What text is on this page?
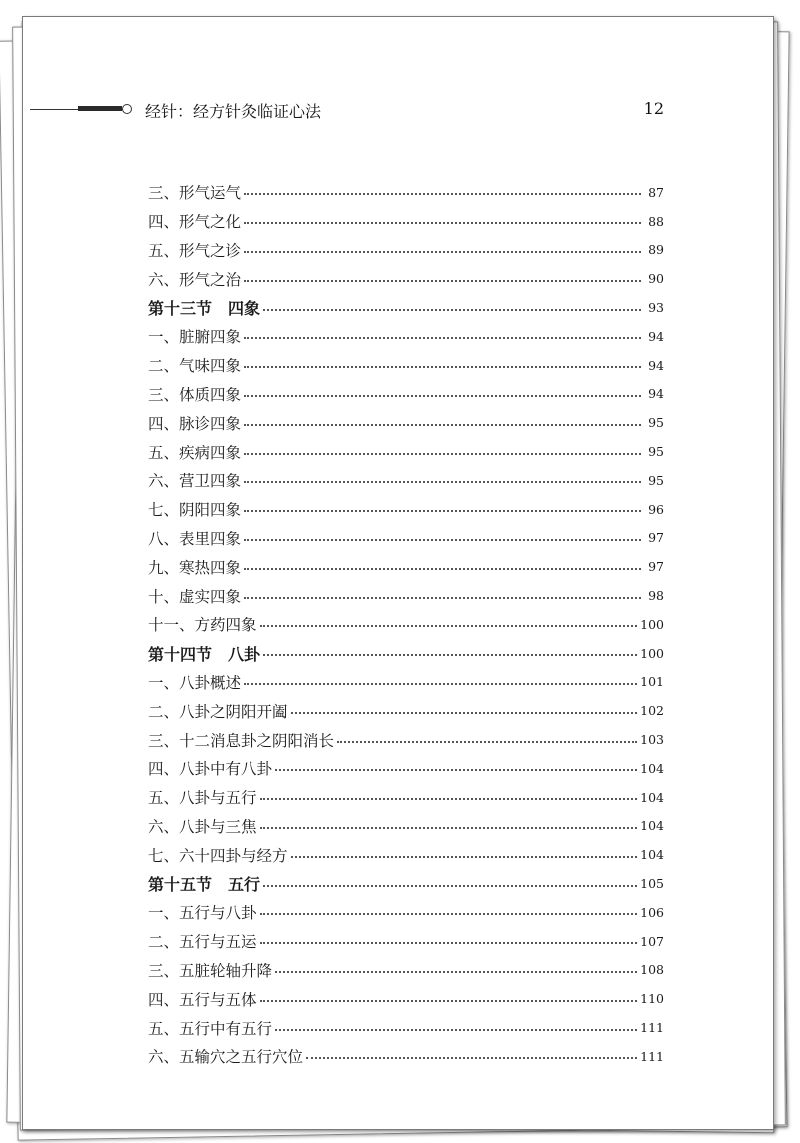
经针：经方针灸临证心法	12
三、形气运气	87
四、形气之化	88
五、形气之诊	89
六、形气之治	90
第十三节　四象	93
一、脏腑四象	94
二、气味四象	94
三、体质四象	94
四、脉诊四象	95
五、疾病四象	95
六、营卫四象	95
七、阴阳四象	96
八、表里四象	97
九、寒热四象	97
十、虚实四象	98
十一、方药四象	100
第十四节　八卦	100
一、八卦概述	101
二、八卦之阴阳开阖	102
三、十二消息卦之阴阳消长	103
四、八卦中有八卦	104
五、八卦与五行	104
六、八卦与三焦	104
七、六十四卦与经方	104
第十五节　五行	105
一、五行与八卦	106
二、五行与五运	107
三、五脏轮轴升降	108
四、五行与五体	110
五、五行中有五行	111
六、五输穴之五行穴位	111
